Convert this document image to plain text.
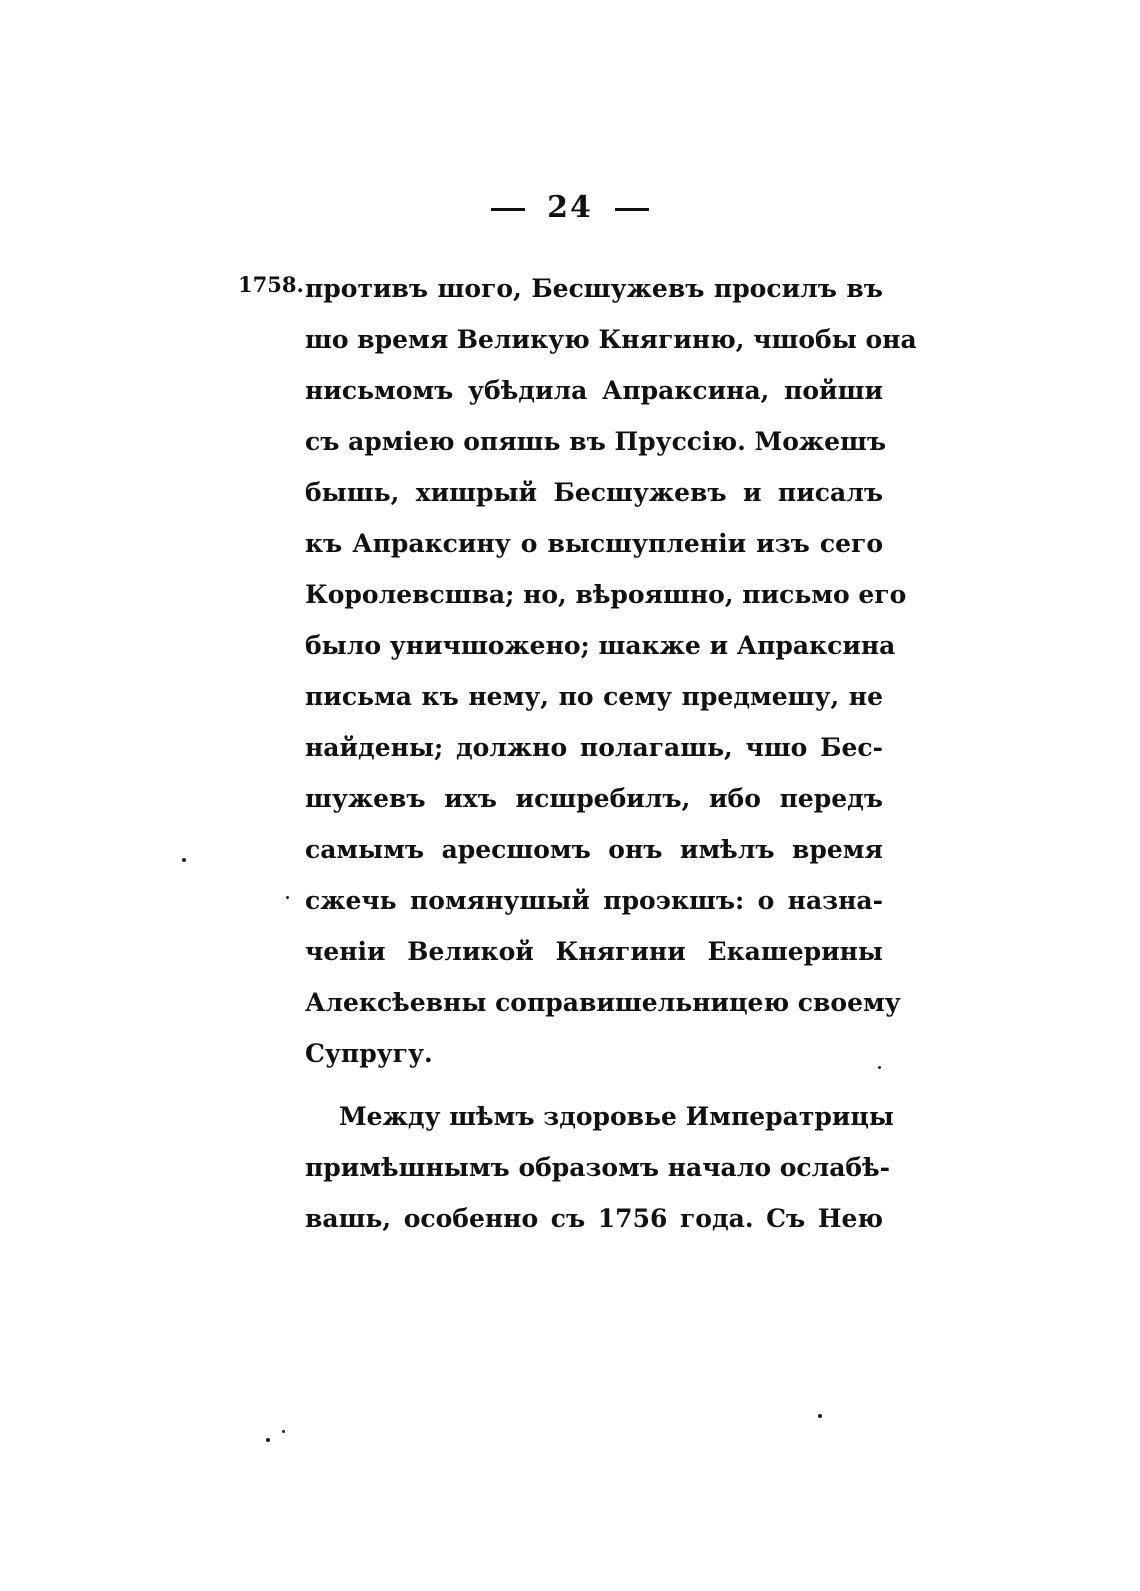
24
1758. противъ шого, Бесшужевъ просилъ въ
шо время Великую Княгиню, чшобы она
нисьмомъ убѣдила Апраксина, пойши
съ арміею опяшь въ Пруссію. Можешъ
бышь, хишрый Бесшужевъ и писалъ
къ Апраксину о высшупленіи изъ сего
Королевсшва; но, вѣрояшно, письмо его
было уничшожено; шакже и Апраксина
письма къ нему, по сему предмешу, не
найдены; должно полагашь, чшо Бес-
шужевъ ихъ исшребилъ, ибо передъ
самымъ аресшомъ онъ имѣлъ время
сжечь помянушый проэкшъ: о назна-
ченіи Великой Княгини Екашерины
Алексѣевны соправишельницею своему
Супругу.
Между шѣмъ здоровье Императрицы
примѣшнымъ образомъ начало ослабѣ-
вашь, особенно съ 1756 года. Съ Нею
